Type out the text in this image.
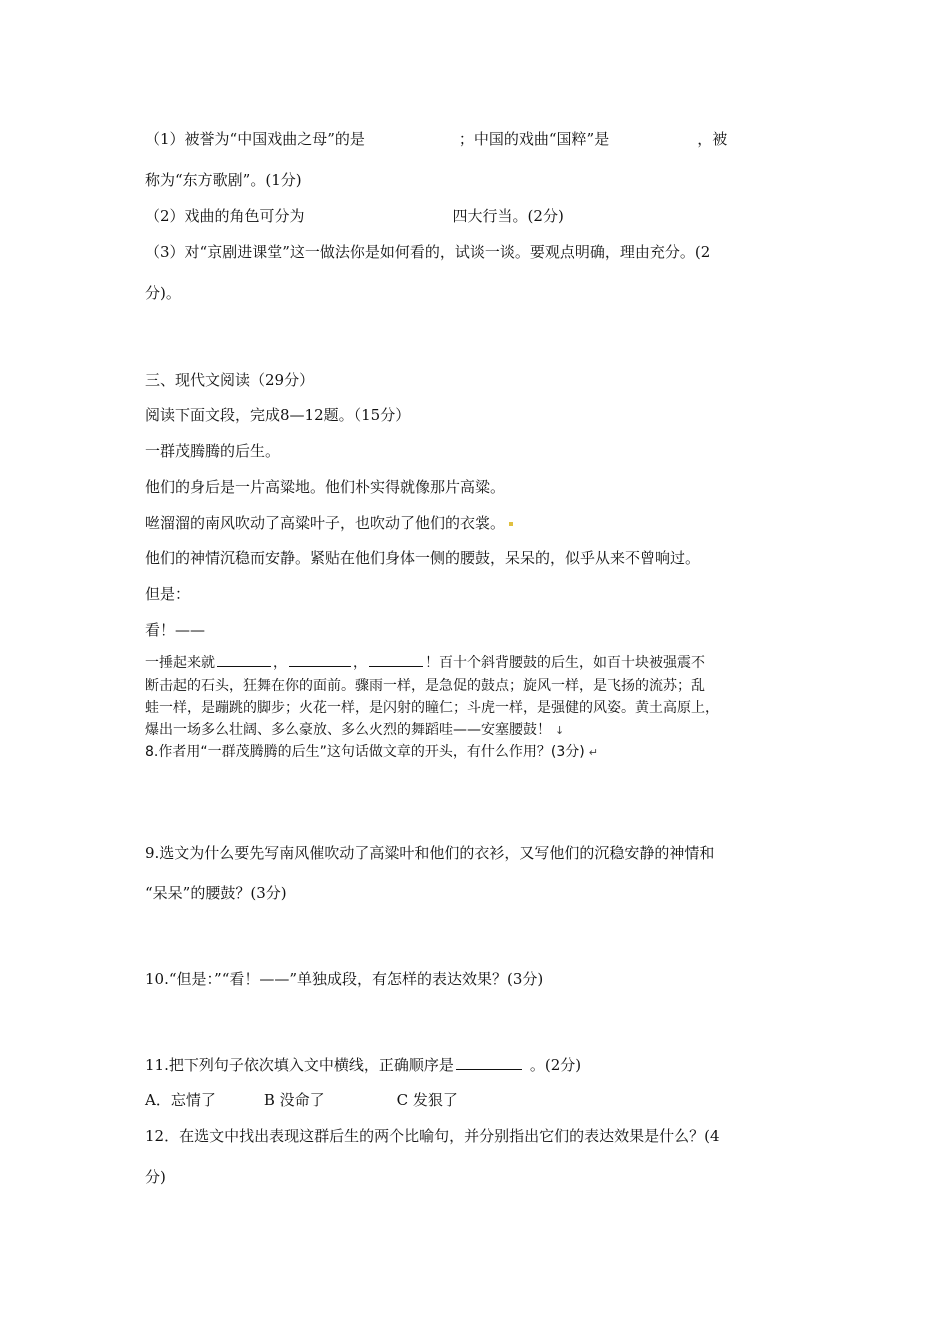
（1）被誉为“中国戏曲之母”的是	；中国的戏曲“国粹”是	，被
称为“东方歌剧”。(1分)
（2）戏曲的角色可分为	四大行当。(2分)
（3）对“京剧进课堂”这一做法你是如何看的，试谈一谈。要观点明确，理由充分。(2
分)。
三、现代文阅读（29分）
阅读下面文段，完成8—12题。（15分）
一群茂腾腾的后生。
他们的身后是一片高粱地。他们朴实得就像那片高粱。
咝溜溜的南风吹动了高粱叶子，也吹动了他们的衣裳。
他们的神情沉稳而安静。紧贴在他们身体一侧的腰鼓，呆呆的，似乎从来不曾响过。
但是：
看！——
一捶起来就	，	，	！百十个斜背腰鼓的后生，如百十块被强震不
断击起的石头，狂舞在你的面前。骤雨一样，是急促的鼓点；旋风一样，是飞扬的流苏；乱
蛙一样，是蹦跳的脚步；火花一样，是闪射的瞳仁；斗虎一样，是强健的风姿。黄土高原上，
爆出一场多么壮阔、多么豪放、多么火烈的舞蹈哇——安塞腰鼓！ ↓
8.作者用“一群茂腾腾的后生”这句话做文章的开头，有什么作用？(3分) ↵
9.选文为什么要先写南风催吹动了高粱叶和他们的衣衫，又写他们的沉稳安静的神情和
“呆呆”的腰鼓？(3分)
10.“但是：”“看！——”单独成段，有怎样的表达效果？(3分)
11.把下列句子依次填入文中横线，正确顺序是	。(2分)
A．忘情了	B 没命了	C 发狠了
12．在选文中找出表现这群后生的两个比喻句，并分别指出它们的表达效果是什么？(4
分)
